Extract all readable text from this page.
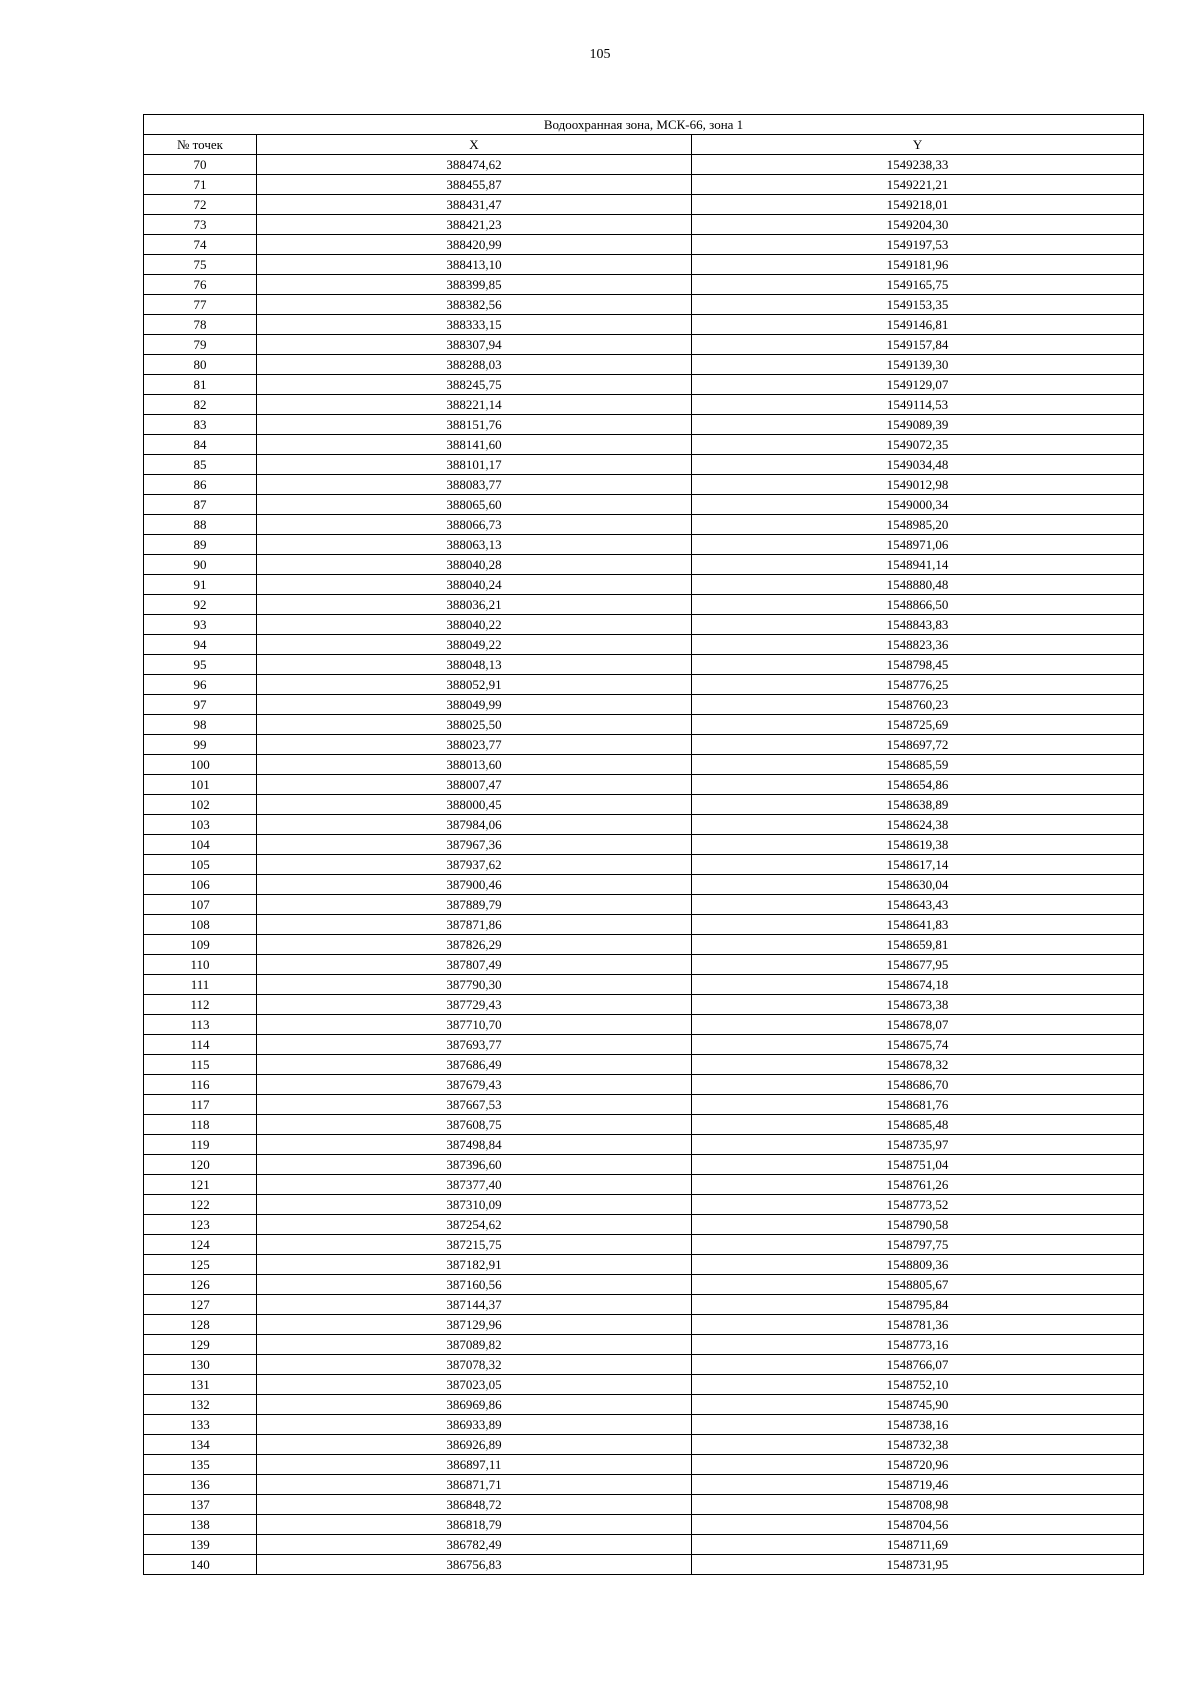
105
Водоохранная зона, МСК-66, зона 1		
№ точек	X	Y
70	388474,62	1549238,33
71	388455,87	1549221,21
72	388431,47	1549218,01
73	388421,23	1549204,30
74	388420,99	1549197,53
75	388413,10	1549181,96
76	388399,85	1549165,75
77	388382,56	1549153,35
78	388333,15	1549146,81
79	388307,94	1549157,84
80	388288,03	1549139,30
81	388245,75	1549129,07
82	388221,14	1549114,53
83	388151,76	1549089,39
84	388141,60	1549072,35
85	388101,17	1549034,48
86	388083,77	1549012,98
87	388065,60	1549000,34
88	388066,73	1548985,20
89	388063,13	1548971,06
90	388040,28	1548941,14
91	388040,24	1548880,48
92	388036,21	1548866,50
93	388040,22	1548843,83
94	388049,22	1548823,36
95	388048,13	1548798,45
96	388052,91	1548776,25
97	388049,99	1548760,23
98	388025,50	1548725,69
99	388023,77	1548697,72
100	388013,60	1548685,59
101	388007,47	1548654,86
102	388000,45	1548638,89
103	387984,06	1548624,38
104	387967,36	1548619,38
105	387937,62	1548617,14
106	387900,46	1548630,04
107	387889,79	1548643,43
108	387871,86	1548641,83
109	387826,29	1548659,81
110	387807,49	1548677,95
111	387790,30	1548674,18
112	387729,43	1548673,38
113	387710,70	1548678,07
114	387693,77	1548675,74
115	387686,49	1548678,32
116	387679,43	1548686,70
117	387667,53	1548681,76
118	387608,75	1548685,48
119	387498,84	1548735,97
120	387396,60	1548751,04
121	387377,40	1548761,26
122	387310,09	1548773,52
123	387254,62	1548790,58
124	387215,75	1548797,75
125	387182,91	1548809,36
126	387160,56	1548805,67
127	387144,37	1548795,84
128	387129,96	1548781,36
129	387089,82	1548773,16
130	387078,32	1548766,07
131	387023,05	1548752,10
132	386969,86	1548745,90
133	386933,89	1548738,16
134	386926,89	1548732,38
135	386897,11	1548720,96
136	386871,71	1548719,46
137	386848,72	1548708,98
138	386818,79	1548704,56
139	386782,49	1548711,69
140	386756,83	1548731,95
